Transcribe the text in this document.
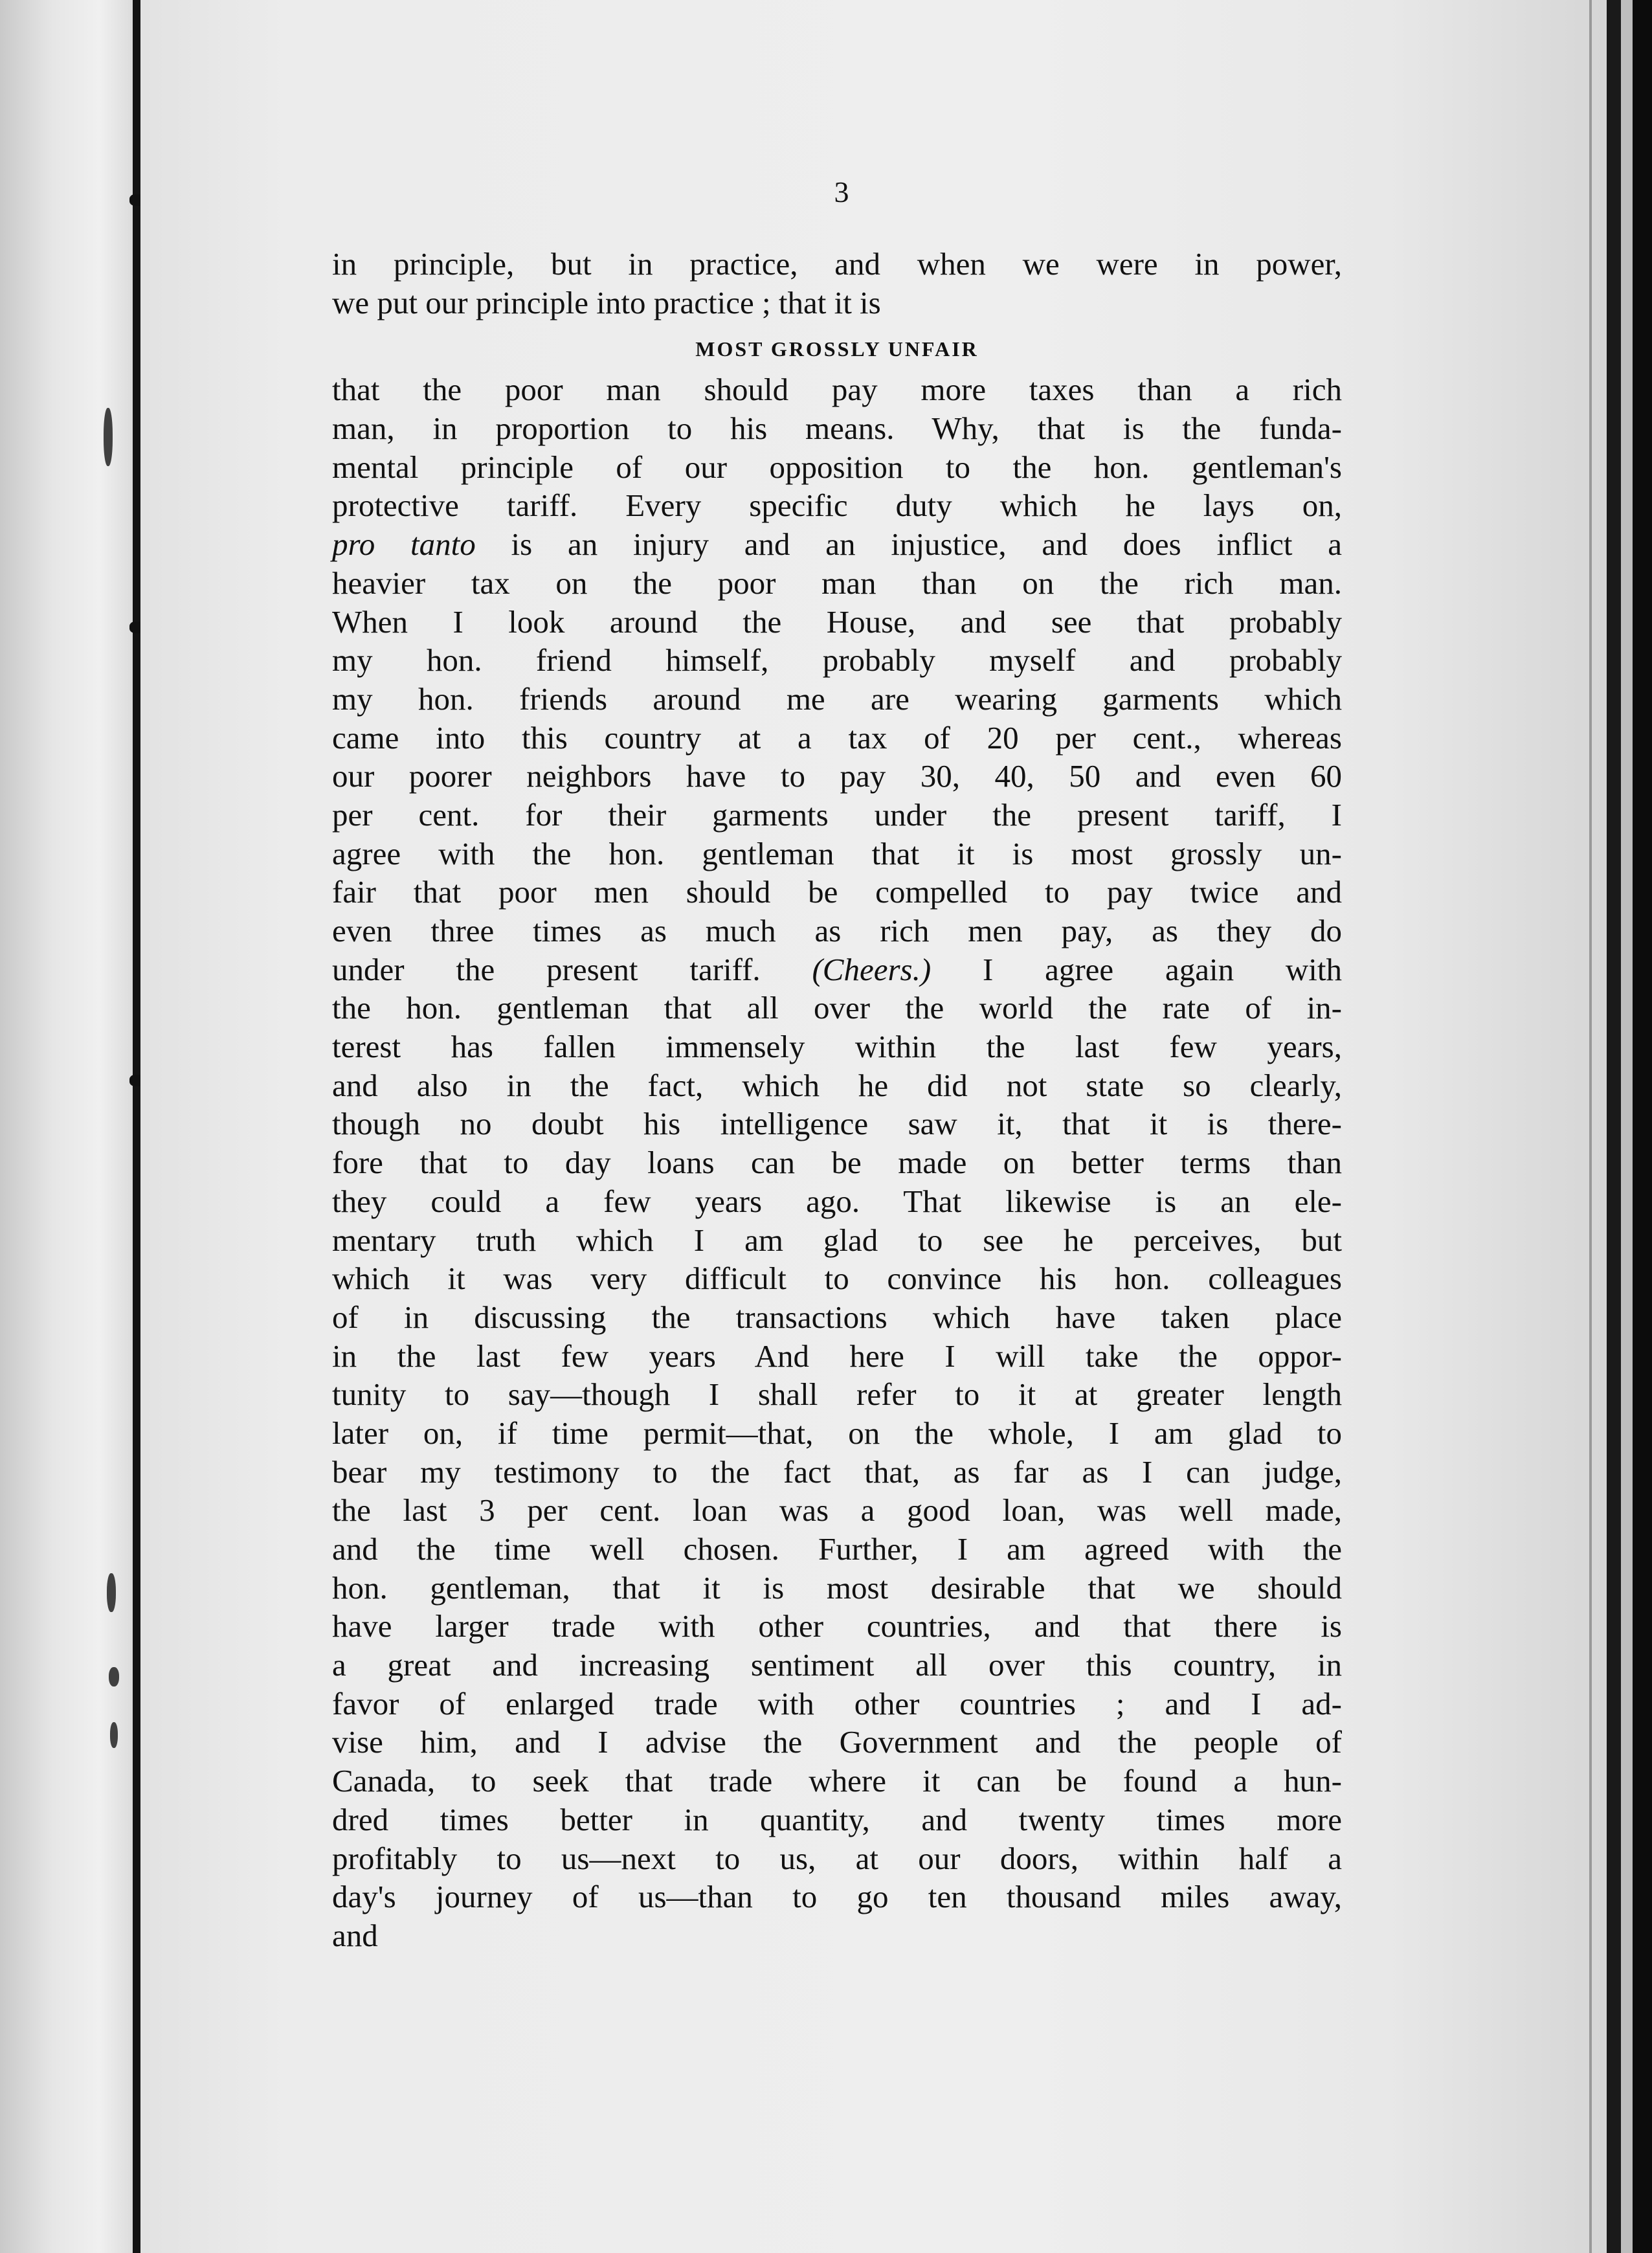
3
in principle, but in practice, and when we were in power,
we put our principle into practice ; that it is
MOST GROSSLY UNFAIR
that the poor man should pay more taxes than a rich
man, in proportion to his means. Why, that is the funda-
mental principle of our opposition to the hon. gentleman's
protective tariff. Every specific duty which he lays on,
pro tanto is an injury and an injustice, and does inflict a
heavier tax on the poor man than on the rich man.
When I look around the House, and see that probably
my hon. friend himself, probably myself and probably
my hon. friends around me are wearing garments which
came into this country at a tax of 20 per cent., whereas
our poorer neighbors have to pay 30, 40, 50 and even 60
per cent. for their garments under the present tariff, I
agree with the hon. gentleman that it is most grossly un-
fair that poor men should be compelled to pay twice and
even three times as much as rich men pay, as they do
under the present tariff. (Cheers.) I agree again with
the hon. gentleman that all over the world the rate of in-
terest has fallen immensely within the last few years,
and also in the fact, which he did not state so clearly,
though no doubt his intelligence saw it, that it is there-
fore that to day loans can be made on better terms than
they could a few years ago. That likewise is an ele-
mentary truth which I am glad to see he perceives, but
which it was very difficult to convince his hon. colleagues
of in discussing the transactions which have taken place
in the last few years And here I will take the oppor-
tunity to say—though I shall refer to it at greater length
later on, if time permit—that, on the whole, I am glad to
bear my testimony to the fact that, as far as I can judge,
the last 3 per cent. loan was a good loan, was well made,
and the time well chosen. Further, I am agreed with the
hon. gentleman, that it is most desirable that we should
have larger trade with other countries, and that there is
a great and increasing sentiment all over this country, in
favor of enlarged trade with other countries ; and I ad-
vise him, and I advise the Government and the people of
Canada, to seek that trade where it can be found a hun-
dred times better in quantity, and twenty times more
profitably to us—next to us, at our doors, within half a
day's journey of us—than to go ten thousand miles away,
and
